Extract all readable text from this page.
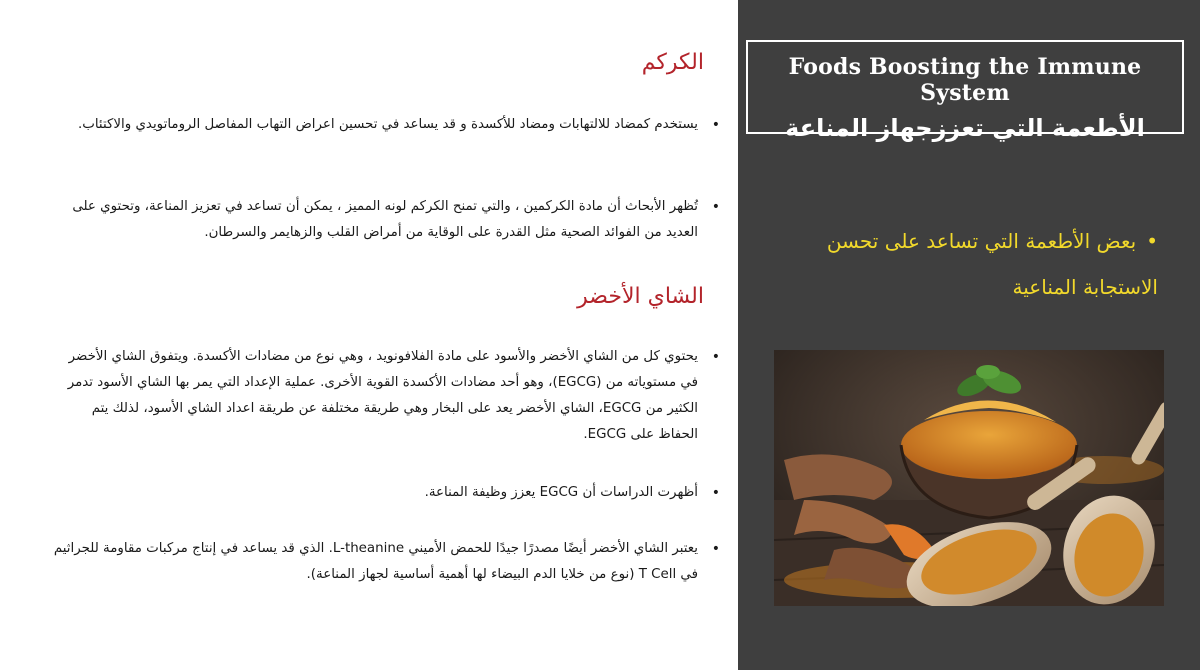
الكركم
•
يستخدم كمضاد للالتهابات ومضاد للأكسدة و قد يساعد في تحسين اعراض التهاب المفاصل الروماتويدي والاكتئاب.
•
تُظهر الأبحاث أن مادة الكركمين ، والتي تمنح الكركم لونه المميز ، يمكن أن تساعد في تعزيز المناعة، وتحتوي على العديد من الفوائد الصحية مثل القدرة على الوقاية من أمراض القلب والزهايمر والسرطان.
الشاي الأخضر
•
يحتوي كل من الشاي الأخضر والأسود على مادة الفلافونويد ، وهي نوع من مضادات الأكسدة. ويتفوق الشاي الأخضر في مستوياته من (EGCG)، وهو أحد مضادات الأكسدة القوية الأخرى. عملية الإعداد التي يمر بها الشاي الأسود تدمر الكثير من EGCG، الشاي الأخضر يعد على البخار وهي طريقة مختلفة عن طريقة اعداد الشاي الأسود، لذلك يتم الحفاظ على EGCG.
•
أظهرت الدراسات أن EGCG يعزز وظيفة المناعة.
•
يعتبر الشاي الأخضر أيضًا مصدرًا جيدًا للحمض الأميني L-theanine. الذي قد يساعد في إنتاج مركبات مقاومة للجراثيم في T Cell (نوع من خلايا الدم البيضاء لها أهمية أساسية لجهاز المناعة).
Foods Boosting the Immune System
الأطعمة التي تعززجهاز المناعة
•بعض الأطعمة التي تساعد على تحسن الاستجابة المناعية
